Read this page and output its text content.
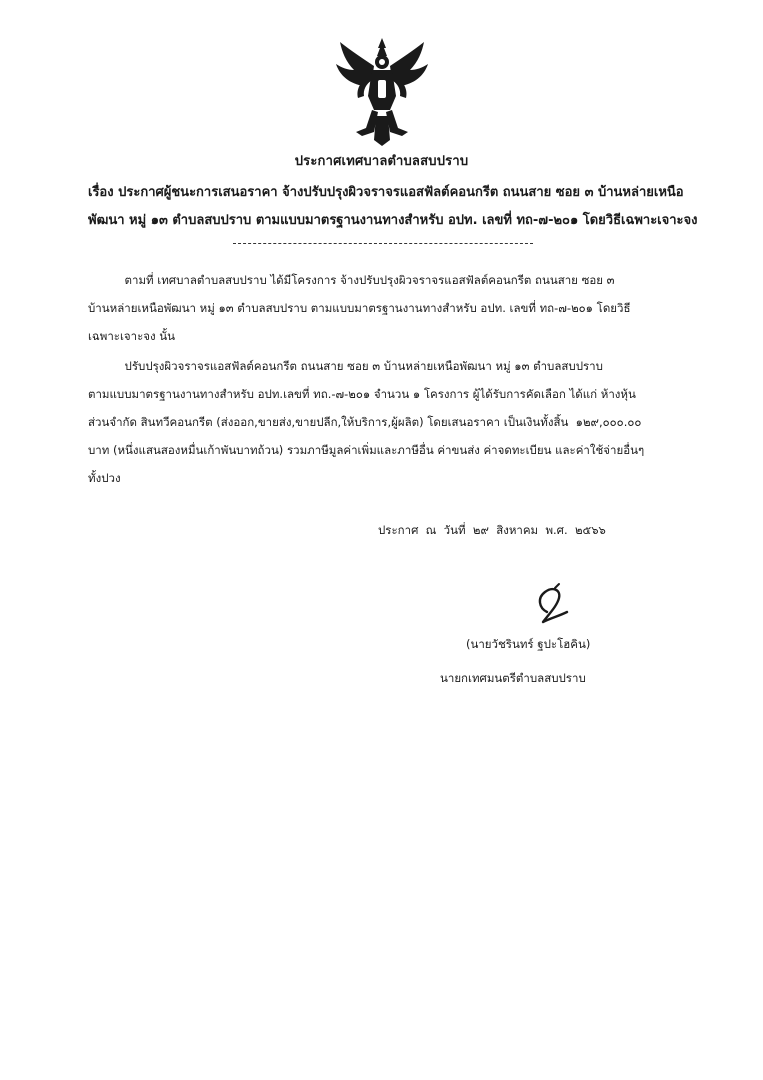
ประกาศเทศบาลตำบลสบปราบ
เรื่อง ประกาศผู้ชนะการเสนอราคา จ้างปรับปรุงผิวจราจรแอสฟัลต์คอนกรีต ถนนสาย ซอย ๓ บ้านหล่ายเหนือ
พัฒนา หมู่ ๑๓ ตำบลสบปราบ ตามแบบมาตรฐานงานทางสำหรับ อปท. เลขที่ ทถ-๗-๒๐๑ โดยวิธีเฉพาะเจาะจง
ตามที่ เทศบาลตำบลสบปราบ ได้มีโครงการ จ้างปรับปรุงผิวจราจรแอสฟัลต์คอนกรีต ถนนสาย ซอย ๓
บ้านหล่ายเหนือพัฒนา หมู่ ๑๓ ตำบลสบปราบ ตามแบบมาตรฐานงานทางสำหรับ อปท. เลขที่ ทถ-๗-๒๐๑ โดยวิธี
เฉพาะเจาะจง นั้น
ปรับปรุงผิวจราจรแอสฟัลต์คอนกรีต ถนนสาย ซอย ๓ บ้านหล่ายเหนือพัฒนา หมู่ ๑๓ ตำบลสบปราบ
ตามแบบมาตรฐานงานทางสำหรับ อปท.เลขที่ ทถ.-๗-๒๐๑ จำนวน ๑ โครงการ ผู้ได้รับการคัดเลือก ได้แก่ ห้างหุ้น
ส่วนจำกัด สินทวีคอนกรีต (ส่งออก,ขายส่ง,ขายปลีก,ให้บริการ,ผู้ผลิต) โดยเสนอราคา เป็นเงินทั้งสิ้น  ๑๒๙,๐๐๐.๐๐
บาท (หนึ่งแสนสองหมื่นเก้าพันบาทถ้วน) รวมภาษีมูลค่าเพิ่มและภาษีอื่น ค่าขนส่ง ค่าจดทะเบียน และค่าใช้จ่ายอื่นๆ
ทั้งปวง
ประกาศ  ณ  วันที่  ๒๙  สิงหาคม  พ.ศ.  ๒๕๖๖
(นายวัชรินทร์ ฐปะโฮคิน)
นายกเทศมนตรีตำบลสบปราบ
